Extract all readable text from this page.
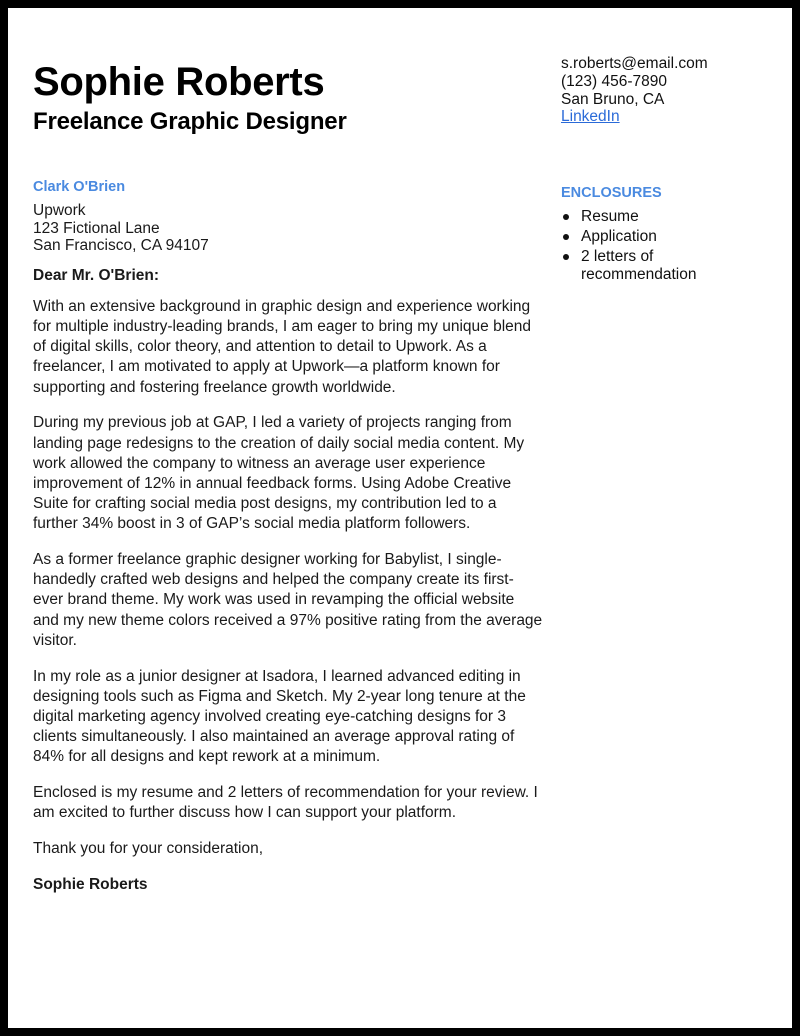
Sophie Roberts
Freelance Graphic Designer
s.roberts@email.com
(123) 456-7890
San Bruno, CA
LinkedIn
ENCLOSURES
Resume
Application
2 letters of recommendation
Clark O'Brien
Upwork
123 Fictional Lane
San Francisco, CA 94107
Dear Mr. O'Brien:

With an extensive background in graphic design and experience working for multiple industry-leading brands, I am eager to bring my unique blend of digital skills, color theory, and attention to detail to Upwork. As a freelancer, I am motivated to apply at Upwork—a platform known for supporting and fostering freelance growth worldwide.

During my previous job at GAP, I led a variety of projects ranging from landing page redesigns to the creation of daily social media content. My work allowed the company to witness an average user experience improvement of 12% in annual feedback forms. Using Adobe Creative Suite for crafting social media post designs, my contribution led to a further 34% boost in 3 of GAP’s social media platform followers.

As a former freelance graphic designer working for Babylist, I single-handedly crafted web designs and helped the company create its first-ever brand theme. My work was used in revamping the official website and my new theme colors received a 97% positive rating from the average visitor.

In my role as a junior designer at Isadora, I learned advanced editing in designing tools such as Figma and Sketch. My 2-year long tenure at the digital marketing agency involved creating eye-catching designs for 3 clients simultaneously. I also maintained an average approval rating of 84% for all designs and kept rework at a minimum.

Enclosed is my resume and 2 letters of recommendation for your review. I am excited to further discuss how I can support your platform.

Thank you for your consideration,
Sophie Roberts
